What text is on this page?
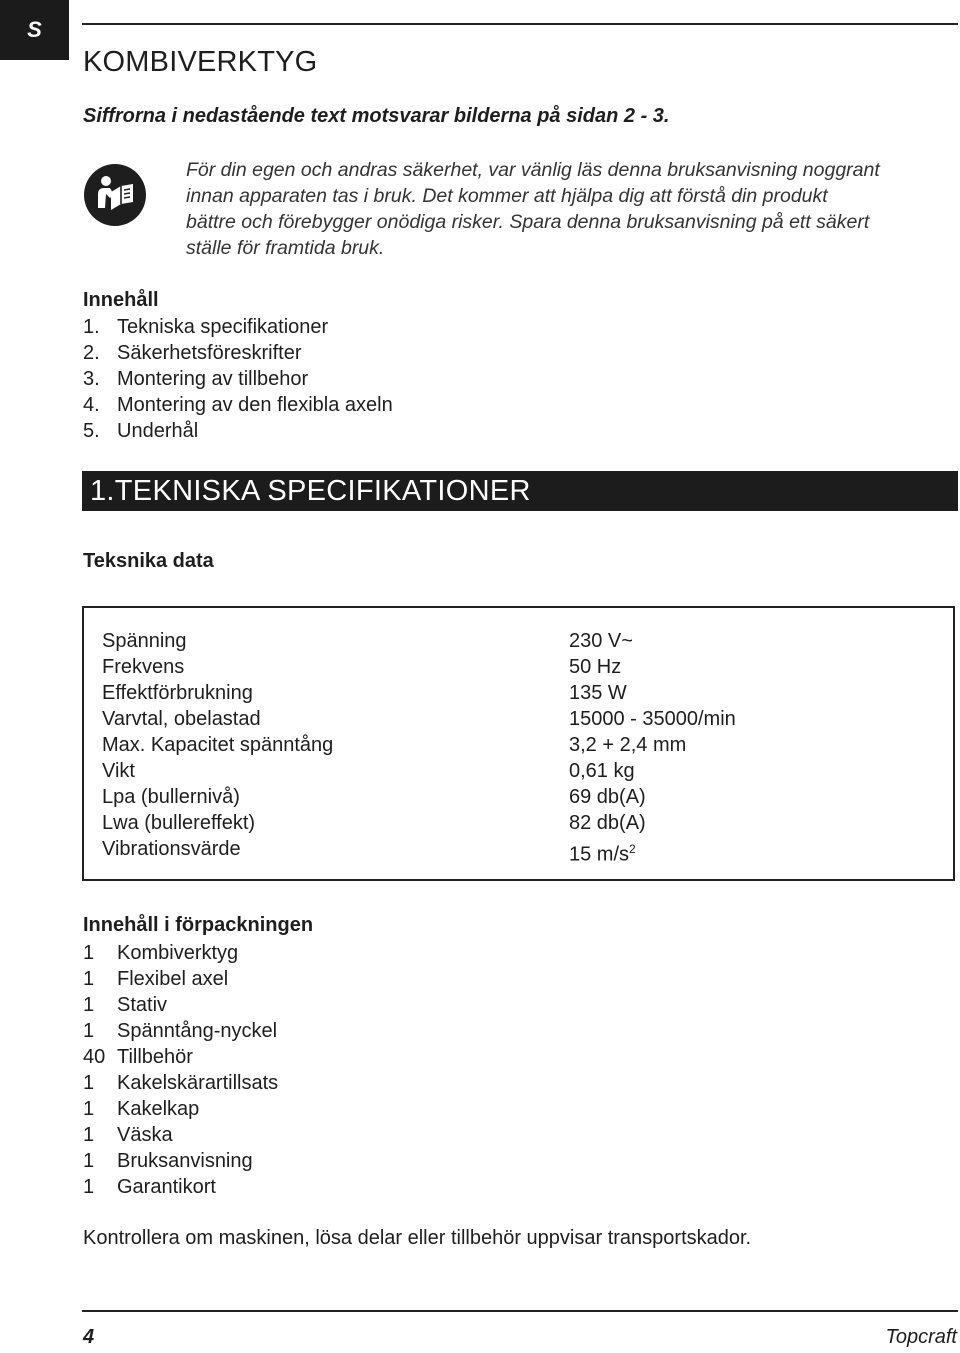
S
KOMBIVERKTYG

Siffrorna i nedastående text motsvarar bilderna på sidan 2 - 3.

För din egen och andras säkerhet, var vänlig läs denna bruksanvisning noggrant
innan apparaten tas i bruk. Det kommer att hjälpa dig att förstå din produkt
bättre och förebygger onödiga risker. Spara denna bruksanvisning på ett säkert
ställe för framtida bruk.

Innehåll
1. Tekniska specifikationer
2. Säkerhetsföreskrifter
3. Montering av tillbehor
4. Montering av den flexibla axeln
5. Underhål
1.TEKNISKA SPECIFIKATIONER
Teksnika data
Spänning	230 V~
Frekvens	50 Hz
Effektförbrukning	135 W
Varvtal, obelastad	15000 - 35000/min
Max. Kapacitet spänntång	3,2 + 2,4 mm
Vikt	0,61 kg
Lpa (bullernivå)	69 db(A)
Lwa (bullereffekt)	82 db(A)
Vibrationsvärde	15 $m/s^2$
Innehåll i förpackningen
1	Kombiverktyg
1	Flexibel axel
1	Stativ
1	Spänntång-nyckel
40 Tillbehör
1	Kakelskärartillsats
1	Kakelkap
1	Väska
1	Bruksanvisning
1	Garantikort

Kontrollera om maskinen, lösa delar eller tillbehör uppvisar transportskador.

4	Topcraft
